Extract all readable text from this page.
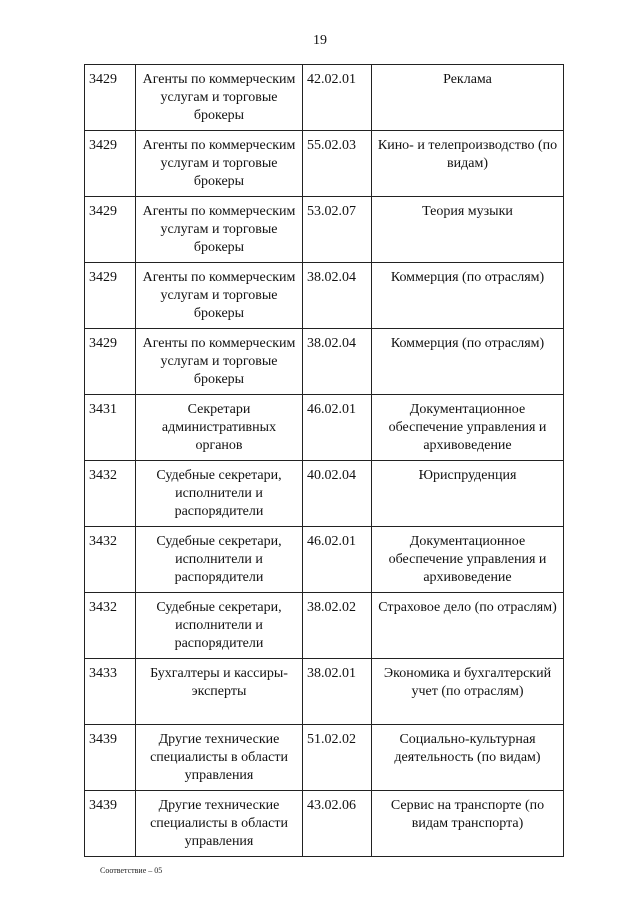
19
3429	Агенты по коммерческим услугам и торговые брокеры	42.02.01	Реклама
3429	Агенты по коммерческим услугам и торговые брокеры	55.02.03	Кино- и телепроизводство (по видам)
3429	Агенты по коммерческим услугам и торговые брокеры	53.02.07	Теория музыки
3429	Агенты по коммерческим услугам и торговые брокеры	38.02.04	Коммерция (по отраслям)
3429	Агенты по коммерческим услугам и торговые брокеры	38.02.04	Коммерция (по отраслям)
3431	Секретари административных органов	46.02.01	Документационное обеспечение управления и архивоведение
3432	Судебные секретари, исполнители и распорядители	40.02.04	Юриспруденция
3432	Судебные секретари, исполнители и распорядители	46.02.01	Документационное обеспечение управления и архивоведение
3432	Судебные секретари, исполнители и распорядители	38.02.02	Страховое дело (по отраслям)
3433	Бухгалтеры и кассиры-эксперты	38.02.01	Экономика и бухгалтерский учет (по отраслям)
3439	Другие технические специалисты в области управления	51.02.02	Социально-культурная деятельность (по видам)
3439	Другие технические специалисты в области управления	43.02.06	Сервис на транспорте (по видам транспорта)
Соответствие – 05
